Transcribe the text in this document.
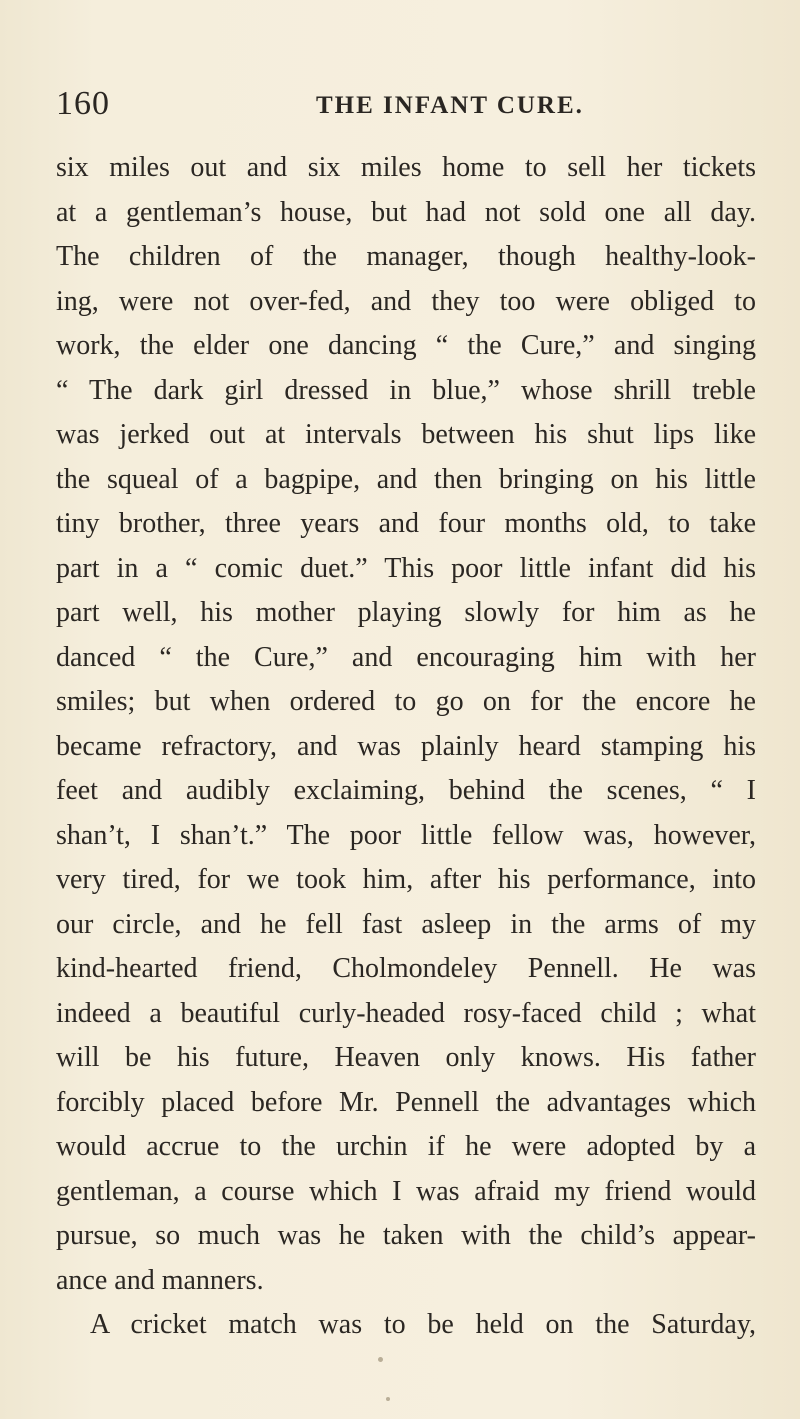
160	THE INFANT CURE.
six miles out and six miles home to sell her tickets
at a gentleman’s house, but had not sold one all day.
The children of the manager, though healthy-look-
ing, were not over-fed, and they too were obliged to
work, the elder one dancing “ the Cure,” and singing
“ The dark girl dressed in blue,” whose shrill treble
was jerked out at intervals between his shut lips like
the squeal of a bagpipe, and then bringing on his little
tiny brother, three years and four months old, to take
part in a “ comic duet.” This poor little infant did his
part well, his mother playing slowly for him as he
danced “ the Cure,” and encouraging him with her
smiles; but when ordered to go on for the encore he
became refractory, and was plainly heard stamping his
feet and audibly exclaiming, behind the scenes, “ I
shan’t, I shan’t.” The poor little fellow was, however,
very tired, for we took him, after his performance, into
our circle, and he fell fast asleep in the arms of my
kind-hearted friend, Cholmondeley Pennell. He was
indeed a beautiful curly-headed rosy-faced child ; what
will be his future, Heaven only knows. His father
forcibly placed before Mr. Pennell the advantages which
would accrue to the urchin if he were adopted by a
gentleman, a course which I was afraid my friend would
pursue, so much was he taken with the child’s appear-
ance and manners.
A cricket match was to be held on the Saturday,
